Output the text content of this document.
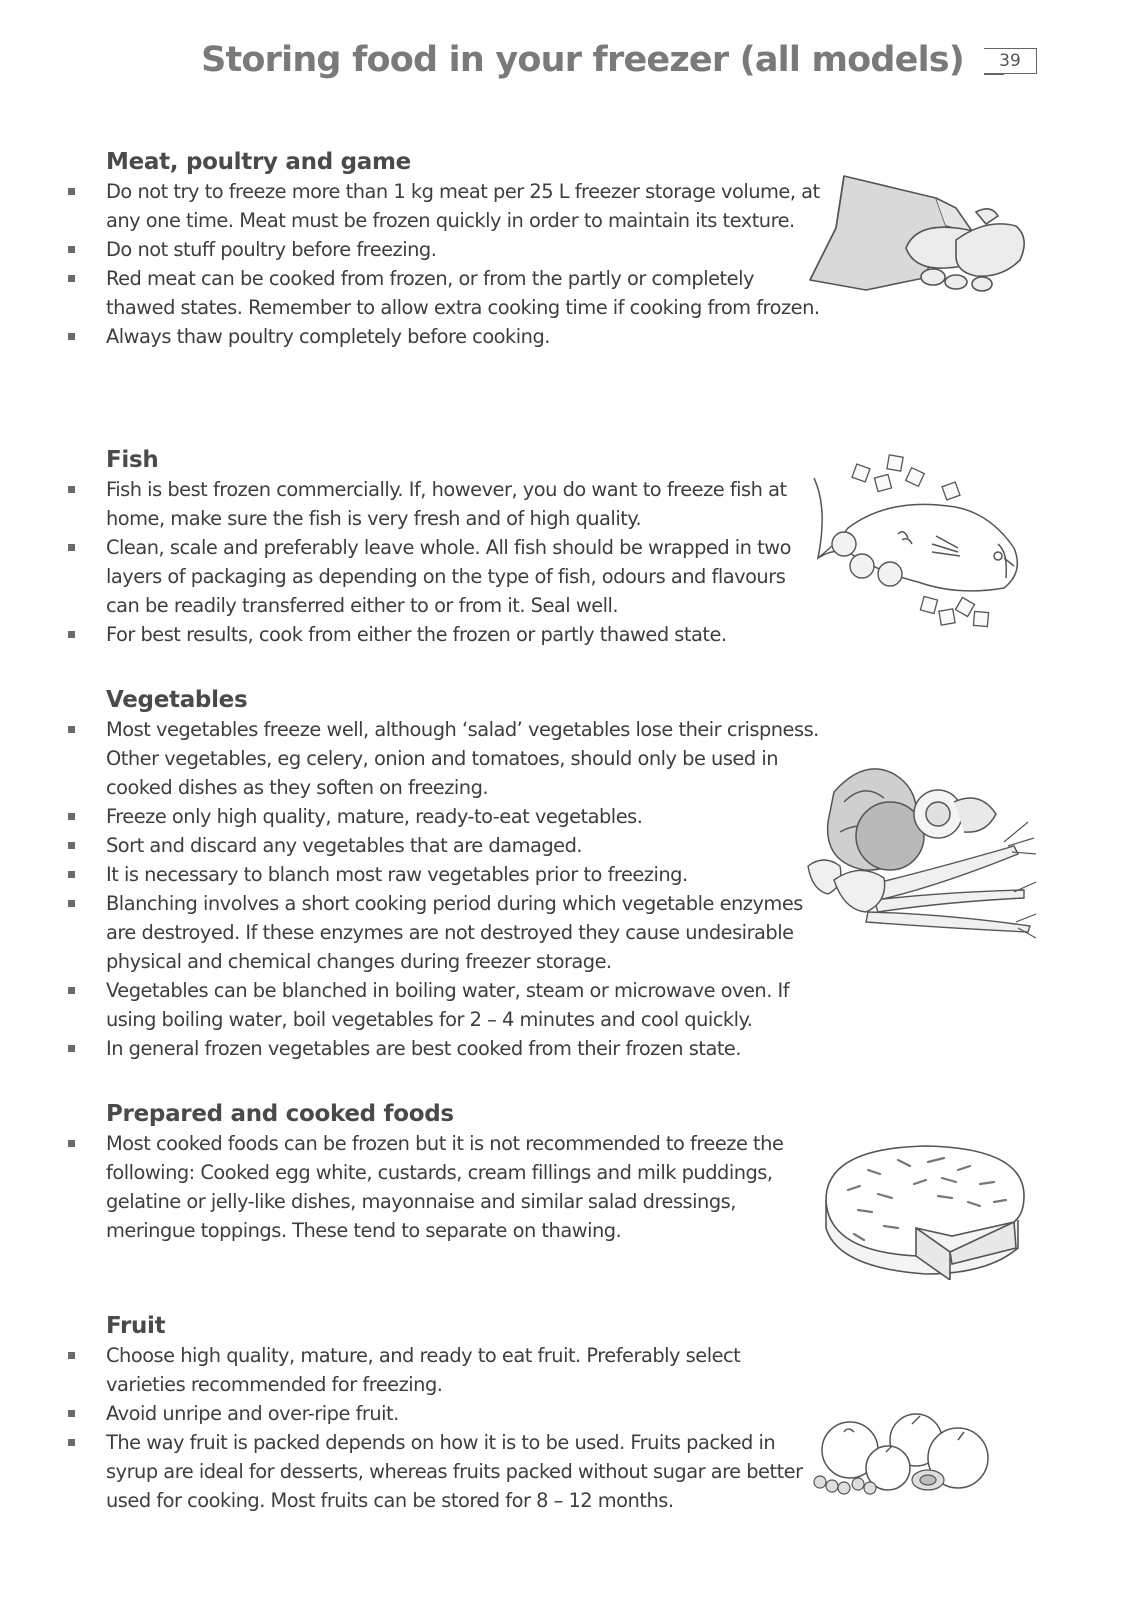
Storing food in your freezer (all models)	39
Meat, poultry and game
Do not try to freeze more than 1 kg meat per 25 L freezer storage volume, at any one time. Meat must be frozen quickly in order to maintain its texture.
Do not stuff poultry before freezing.
Red meat can be cooked from frozen, or from the partly or completely thawed states. Remember to allow extra cooking time if cooking from frozen.
Always thaw poultry completely before cooking.
Fish
Fish is best frozen commercially. If, however, you do want to freeze fish at home, make sure the fish is very fresh and of high quality.
Clean, scale and preferably leave whole. All fish should be wrapped in two layers of packaging as depending on the type of fish, odours and flavours can be readily transferred either to or from it. Seal well.
For best results, cook from either the frozen or partly thawed state.
Vegetables
Most vegetables freeze well, although ‘salad’ vegetables lose their crispness. Other vegetables, eg celery, onion and tomatoes, should only be used in cooked dishes as they soften on freezing.
Freeze only high quality, mature, ready-to-eat vegetables.
Sort and discard any vegetables that are damaged.
It is necessary to blanch most raw vegetables prior to freezing.
Blanching involves a short cooking period during which vegetable enzymes are destroyed. If these enzymes are not destroyed they cause undesirable physical and chemical changes during freezer storage.
Vegetables can be blanched in boiling water, steam or microwave oven. If using boiling water, boil vegetables for 2 – 4 minutes and cool quickly.
In general frozen vegetables are best cooked from their frozen state.
Prepared and cooked foods
Most cooked foods can be frozen but it is not recommended to freeze the following: Cooked egg white, custards, cream fillings and milk puddings, gelatine or jelly-like dishes, mayonnaise and similar salad dressings, meringue toppings. These tend to separate on thawing.
Fruit
Choose high quality, mature, and ready to eat fruit. Preferably select varieties recommended for freezing.
Avoid unripe and over-ripe fruit.
The way fruit is packed depends on how it is to be used. Fruits packed in syrup are ideal for desserts, whereas fruits packed without sugar are better used for cooking. Most fruits can be stored for 8 – 12 months.
